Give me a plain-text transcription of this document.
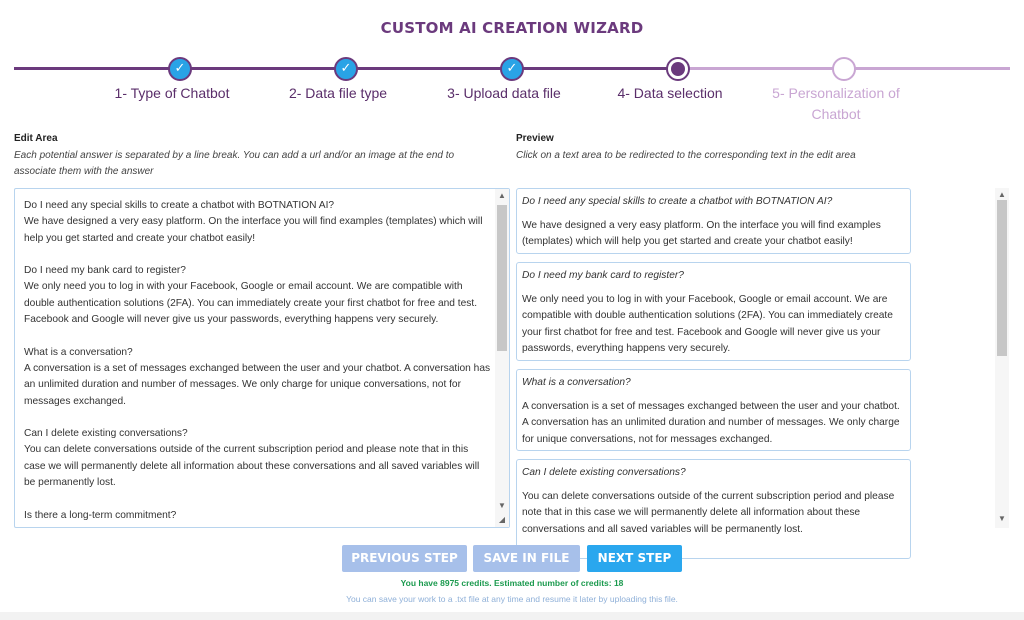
CUSTOM AI CREATION WIZARD
✓	✓	✓
1- Type of Chatbot	2- Data file type	3- Upload data file	4- Data selection	5- Personalization of Chatbot
Edit Area
Each potential answer is separated by a line break. You can add a url and/or an image at the end to associate them with the answer
Preview
Click on a text area to be redirected to the corresponding text in the edit area
Do I need any special skills to create a chatbot with BOTNATION AI?
We have designed a very easy platform. On the interface you will find examples (templates) which will help you get started and create your chatbot easily!

Do I need my bank card to register?
We only need you to log in with your Facebook, Google or email account. We are compatible with double authentication solutions (2FA). You can immediately create your first chatbot for free and test. Facebook and Google will never give us your passwords, everything happens very securely.

What is a conversation?
A conversation is a set of messages exchanged between the user and your chatbot. A conversation has an unlimited duration and number of messages. We only charge for unique conversations, not for messages exchanged.

Can I delete existing conversations?
You can delete conversations outside of the current subscription period and please note that in this case we will permanently delete all information about these conversations and all saved variables will be permanently lost.

Is there a long-term commitment?
▲
▼
◢
Do I need any special skills to create a chatbot with BOTNATION AI?
We have designed a very easy platform. On the interface you will find examples (templates) which will help you get started and create your chatbot easily!
Do I need my bank card to register?
We only need you to log in with your Facebook, Google or email account. We are compatible with double authentication solutions (2FA). You can immediately create your first chatbot for free and test. Facebook and Google will never give us your passwords, everything happens very securely.
What is a conversation?
A conversation is a set of messages exchanged between the user and your chatbot. A conversation has an unlimited duration and number of messages. We only charge for unique conversations, not for messages exchanged.
Can I delete existing conversations?
You can delete conversations outside of the current subscription period and please note that in this case we will permanently delete all information about these conversations and all saved variables will be permanently lost.
▲
▼
PREVIOUS STEP	SAVE IN FILE	NEXT STEP
You have 8975 credits. Estimated number of credits: 18
You can save your work to a .txt file at any time and resume it later by uploading this file.
